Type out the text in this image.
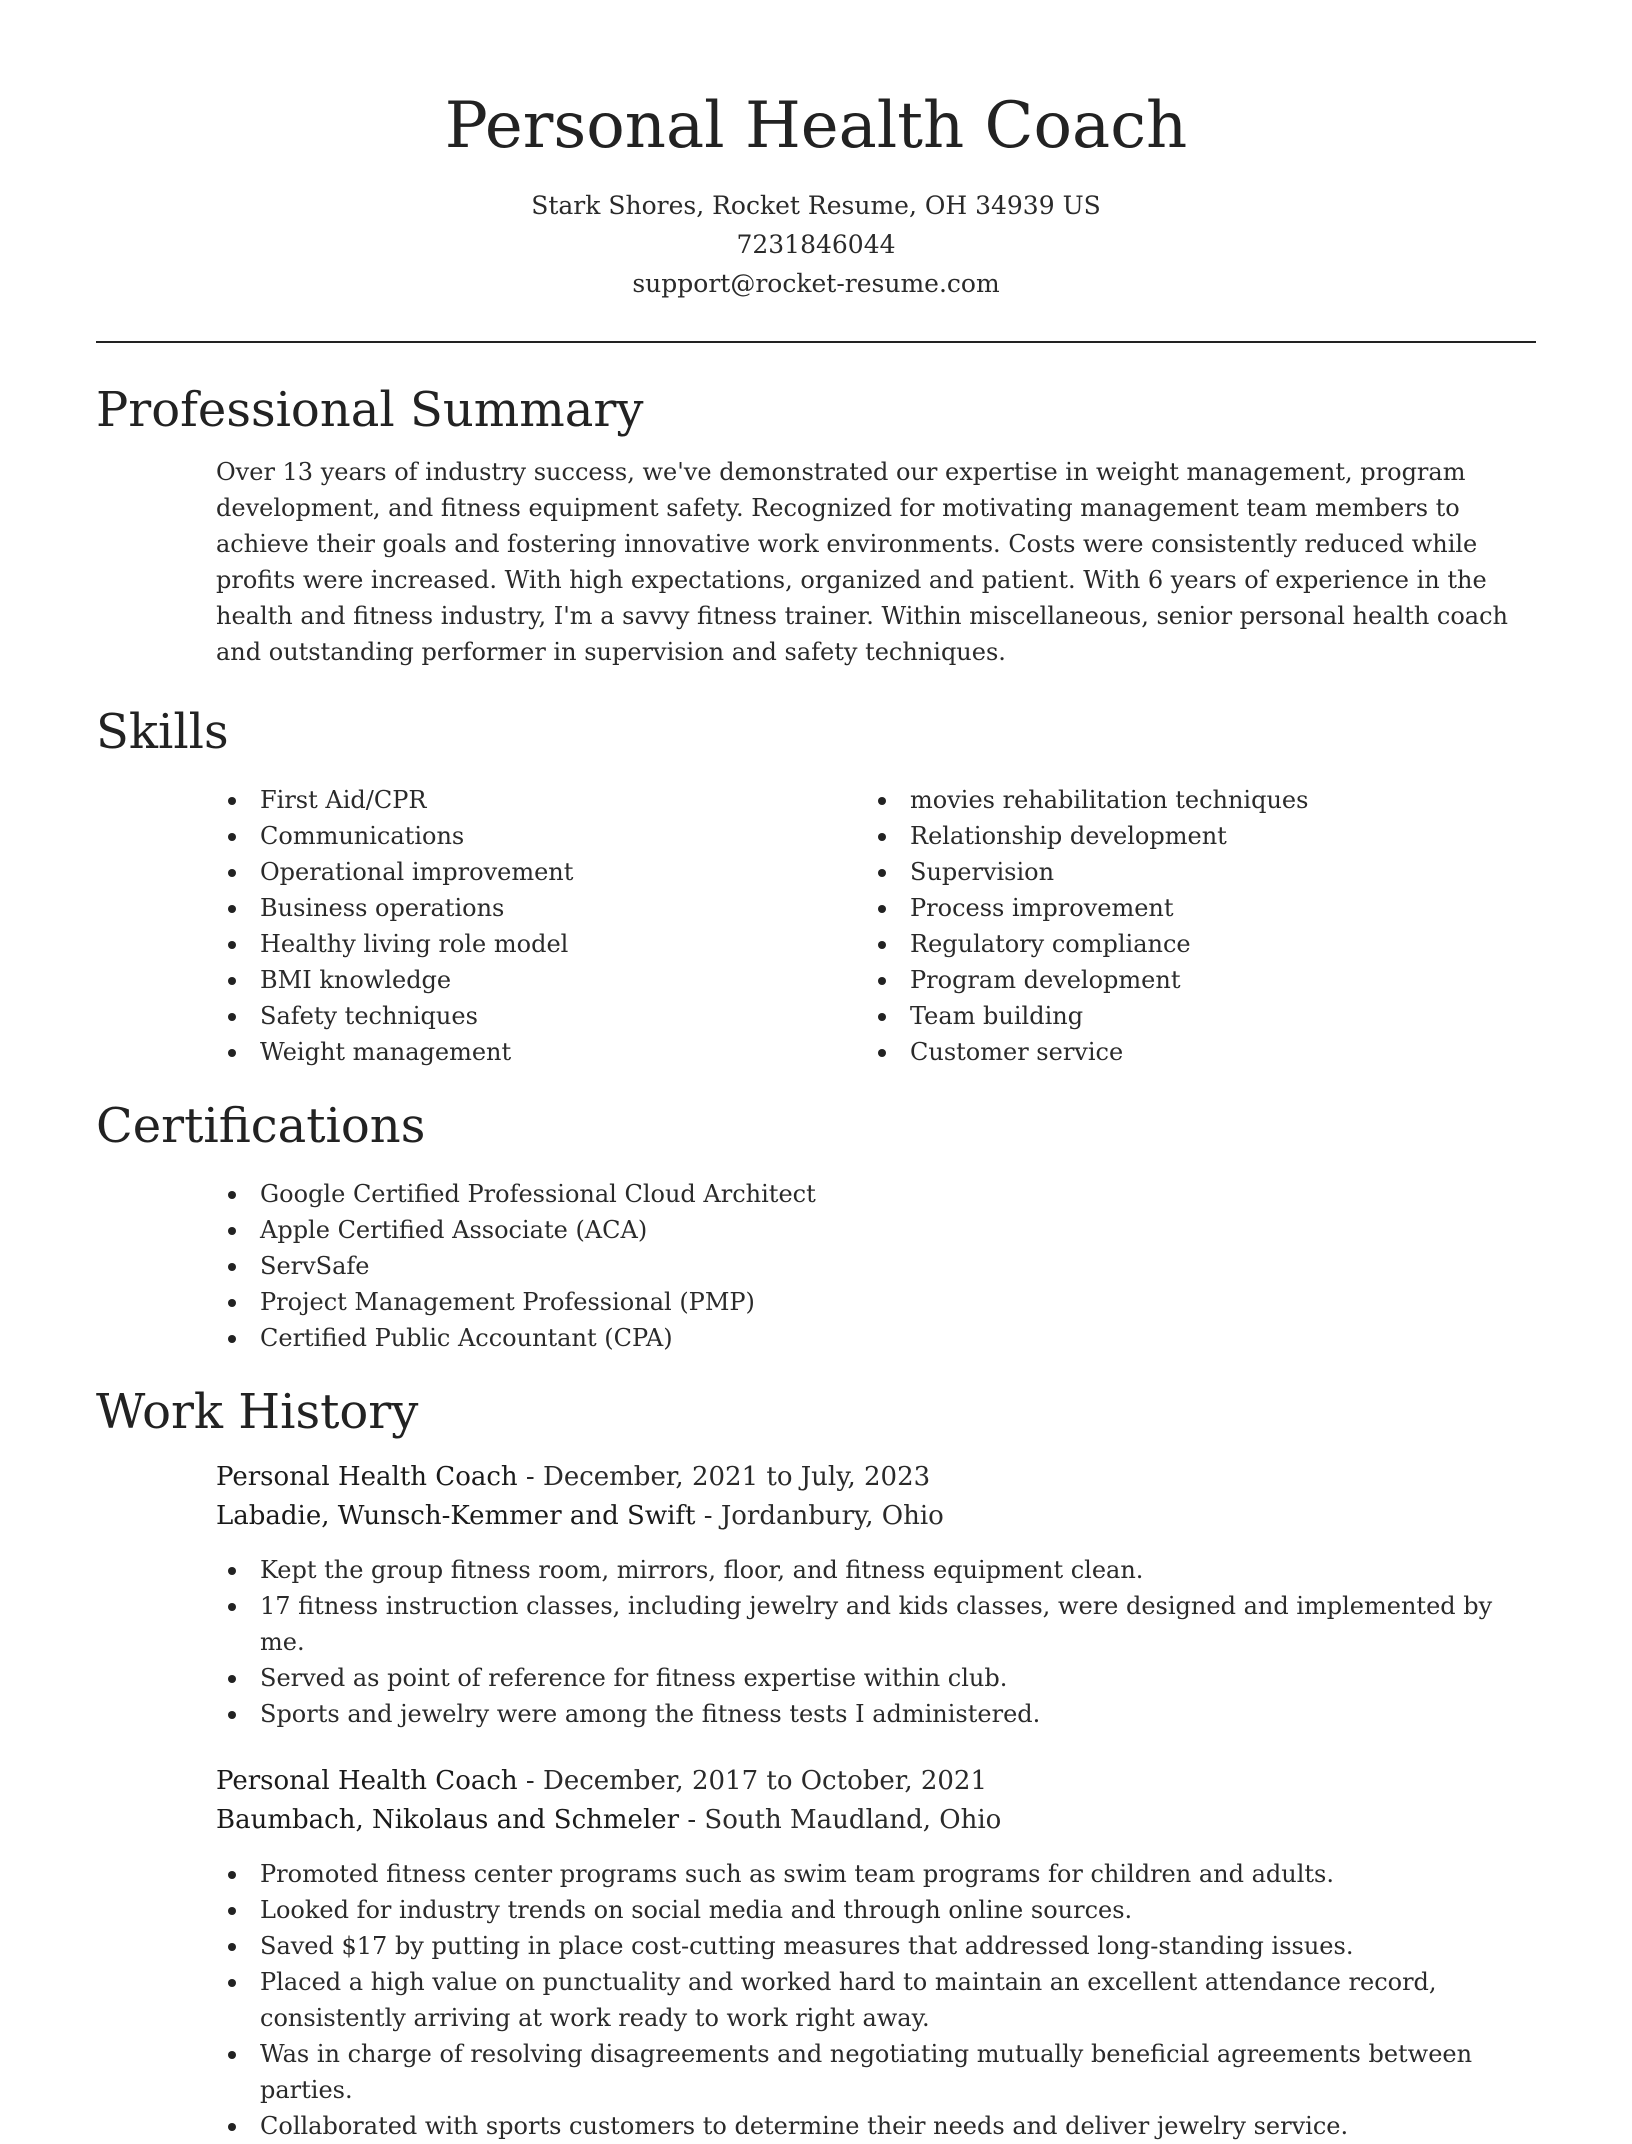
Personal Health Coach

Stark Shores, Rocket Resume, OH 34939 US

7231846044

support@rocket-resume.com

Professional Summary

Over 13 years of industry success, we've demonstrated our expertise in weight management, program development, and fitness equipment safety. Recognized for motivating management team members to achieve their goals and fostering innovative work environments. Costs were consistently reduced while profits were increased. With high expectations, organized and patient. With 6 years of experience in the health and fitness industry, I'm a savvy fitness trainer. Within miscellaneous, senior personal health coach and outstanding performer in supervision and safety techniques.

Skills
First Aid/CPR
Communications
Operational improvement
Business operations
Healthy living role model
BMI knowledge
Safety techniques
Weight management
movies rehabilitation techniques
Relationship development
Supervision
Process improvement
Regulatory compliance
Program development
Team building
Customer service
Certifications
Google Certified Professional Cloud Architect
Apple Certified Associate (ACA)
ServSafe
Project Management Professional (PMP)
Certified Public Accountant (CPA)
Work History

Personal Health Coach - December, 2021 to July, 2023

Labadie, Wunsch-Kemmer and Swift - Jordanbury, Ohio

Kept the group fitness room, mirrors, floor, and fitness equipment clean.
17 fitness instruction classes, including jewelry and kids classes, were designed and implemented by me.
Served as point of reference for fitness expertise within club.
Sports and jewelry were among the fitness tests I administered.

Personal Health Coach - December, 2017 to October, 2021

Baumbach, Nikolaus and Schmeler - South Maudland, Ohio

Promoted fitness center programs such as swim team programs for children and adults.
Looked for industry trends on social media and through online sources.
Saved $17 by putting in place cost-cutting measures that addressed long-standing issues.
Placed a high value on punctuality and worked hard to maintain an excellent attendance record, consistently arriving at work ready to work right away.
Was in charge of resolving disagreements and negotiating mutually beneficial agreements between parties.
Collaborated with sports customers to determine their needs and deliver jewelry service.
